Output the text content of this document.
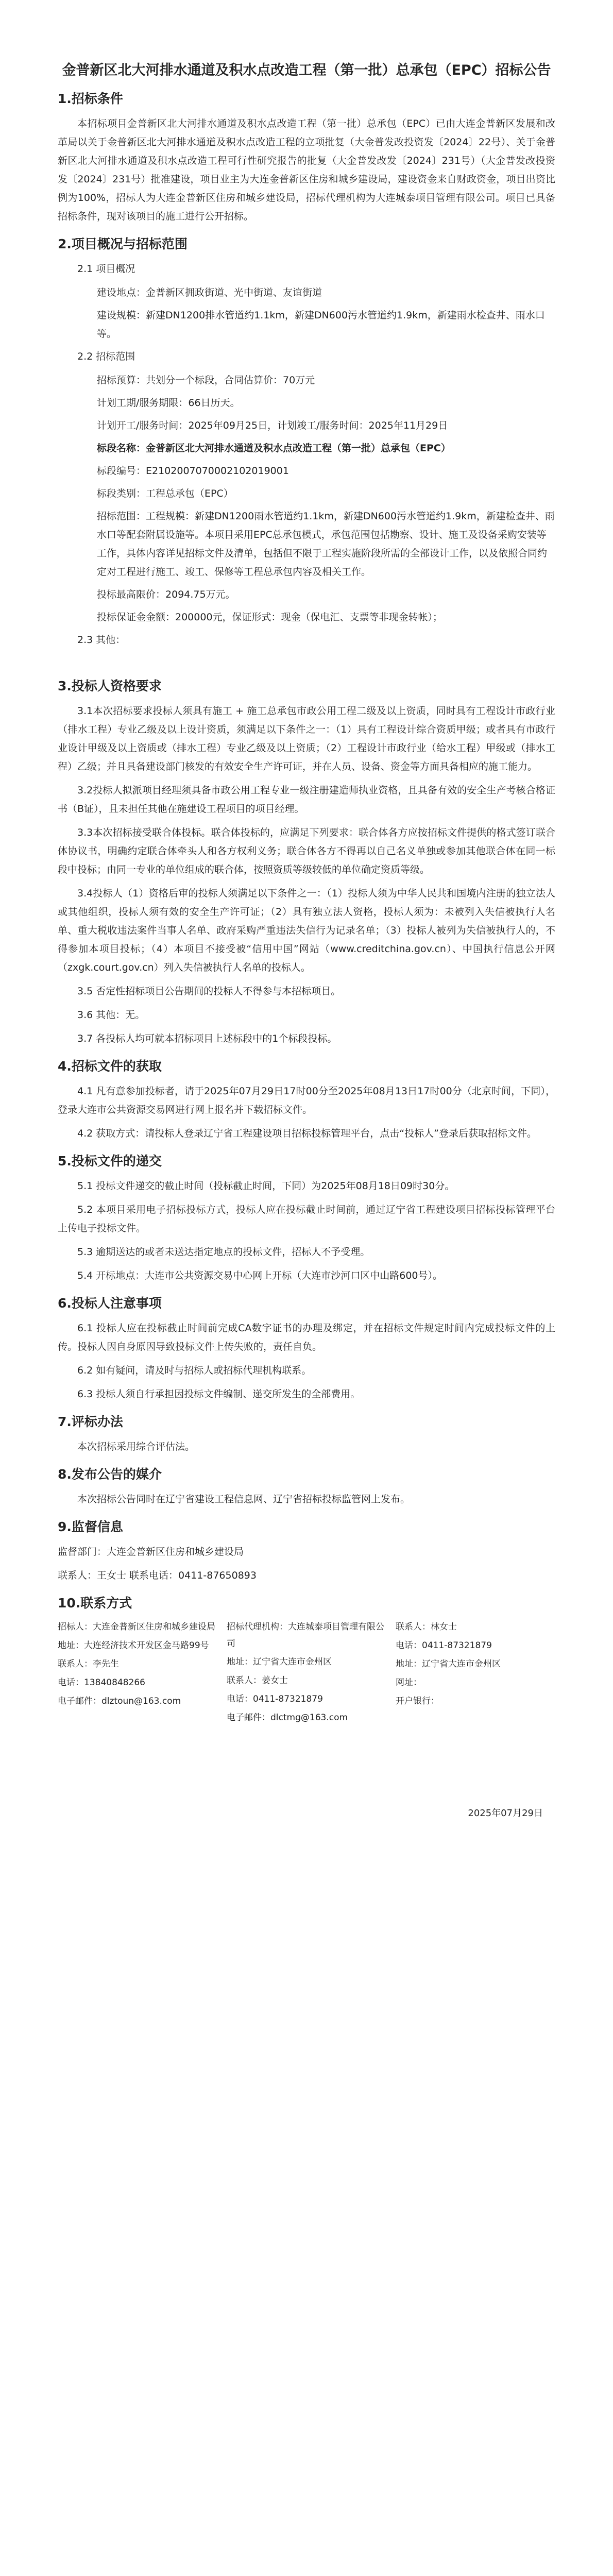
金普新区北大河排水通道及积水点改造工程（第一批）总承包（EPC）招标公告
1.招标条件

本招标项目金普新区北大河排水通道及积水点改造工程（第一批）总承包（EPC）已由大连金普新区发展和改革局以关于金普新区北大河排水通道及积水点改造工程的立项批复（大金普发改投资发〔2024〕22号）、关于金普新区北大河排水通道及积水点改造工程可行性研究报告的批复（大金普发改发〔2024〕231号）（大金普发改投资发〔2024〕231号）批准建设，项目业主为大连金普新区住房和城乡建设局，建设资金来自财政资金，项目出资比例为100%，招标人为大连金普新区住房和城乡建设局，招标代理机构为大连城泰项目管理有限公司。项目已具备招标条件，现对该项目的施工进行公开招标。

2.项目概况与招标范围
2.1 项目概况
建设地点：金普新区拥政街道、光中街道、友谊街道
建设规模：新建DN1200排水管道约1.1km，新建DN600污水管道约1.9km，新建雨水检查井、雨水口等。
2.2 招标范围
招标预算：共划分一个标段，合同估算价：70万元
计划工期/服务期限：66日历天。
计划开工/服务时间：2025年09月25日，计划竣工/服务时间：2025年11月29日
标段名称：金普新区北大河排水通道及积水点改造工程（第一批）总承包（EPC）
标段编号：E2102007070002102019001
标段类别：工程总承包（EPC）
招标范围：工程规模：新建DN1200雨水管道约1.1km，新建DN600污水管道约1.9km，新建检查井、雨水口等配套附属设施等。本项目采用EPC总承包模式，承包范围包括勘察、设计、施工及设备采购安装等工作，具体内容详见招标文件及清单，包括但不限于工程实施阶段所需的全部设计工作，以及依照合同约定对工程进行施工、竣工、保修等工程总承包内容及相关工作。
投标最高限价：2094.75万元。
投标保证金金额：200000元，保证形式：现金（保电汇、支票等非现金转帐）；
2.3 其他：
3.投标人资格要求

3.1本次招标要求投标人须具有施工 + 施工总承包市政公用工程二级及以上资质，同时具有工程设计市政行业（排水工程）专业乙级及以上设计资质，须满足以下条件之一：（1）具有工程设计综合资质甲级；或者具有市政行业设计甲级及以上资质或（排水工程）专业乙级及以上资质；（2）工程设计市政行业（给水工程）甲级或（排水工程）乙级；并且具备建设部门核发的有效安全生产许可证，并在人员、设备、资金等方面具备相应的施工能力。

3.2投标人拟派项目经理须具备市政公用工程专业一级注册建造师执业资格，且具备有效的安全生产考核合格证书（B证），且未担任其他在施建设工程项目的项目经理。

3.3本次招标接受联合体投标。联合体投标的，应满足下列要求：联合体各方应按招标文件提供的格式签订联合体协议书，明确约定联合体牵头人和各方权利义务；联合体各方不得再以自己名义单独或参加其他联合体在同一标段中投标；由同一专业的单位组成的联合体，按照资质等级较低的单位确定资质等级。

3.4投标人（1）资格后审的投标人须满足以下条件之一：（1）投标人须为中华人民共和国境内注册的独立法人或其他组织，投标人须有效的安全生产许可证；（2）具有独立法人资格，投标人须为：未被列入失信被执行人名单、重大税收违法案件当事人名单、政府采购严重违法失信行为记录名单；（3）投标人被列为失信被执行人的，不得参加本项目投标；（4）本项目不接受被“信用中国”网站（www.creditchina.gov.cn）、中国执行信息公开网（zxgk.court.gov.cn）列入失信被执行人名单的投标人。

3.5 否定性招标项目公告期间的投标人不得参与本招标项目。

3.6 其他：无。

3.7 各投标人均可就本招标项目上述标段中的1个标段投标。

4.招标文件的获取

4.1 凡有意参加投标者，请于2025年07月29日17时00分至2025年08月13日17时00分（北京时间，下同），登录大连市公共资源交易网进行网上报名并下载招标文件。

4.2 获取方式：请投标人登录辽宁省工程建设项目招标投标管理平台，点击“投标人”登录后获取招标文件。

5.投标文件的递交

5.1 投标文件递交的截止时间（投标截止时间，下同）为2025年08月18日09时30分。

5.2 本项目采用电子招标投标方式，投标人应在投标截止时间前，通过辽宁省工程建设项目招标投标管理平台上传电子投标文件。

5.3 逾期送达的或者未送达指定地点的投标文件，招标人不予受理。

5.4 开标地点：大连市公共资源交易中心网上开标（大连市沙河口区中山路600号）。

6.投标人注意事项

6.1 投标人应在投标截止时间前完成CA数字证书的办理及绑定，并在招标文件规定时间内完成投标文件的上传。投标人因自身原因导致投标文件上传失败的，责任自负。

6.2 如有疑问，请及时与招标人或招标代理机构联系。

6.3 投标人须自行承担因投标文件编制、递交所发生的全部费用。

7.评标办法

本次招标采用综合评估法。

8.发布公告的媒介

本次招标公告同时在辽宁省建设工程信息网、辽宁省招标投标监管网上发布。

9.监督信息

监督部门：大连金普新区住房和城乡建设局

联系人：王女士 联系电话：0411-87650893

10.联系方式
招标人：大连金普新区住房和城乡建设局
地址：大连经济技术开发区金马路99号
联系人：李先生
电话：13840848266
电子邮件：dlztoun@163.com
招标代理机构：大连城泰项目管理有限公司
地址：辽宁省大连市金州区
联系人：姜女士
电话：0411-87321879
电子邮件：dlctmg@163.com
联系人：林女士
电话：0411-87321879
地址：辽宁省大连市金州区
网址：
开户银行：
2025年07月29日
